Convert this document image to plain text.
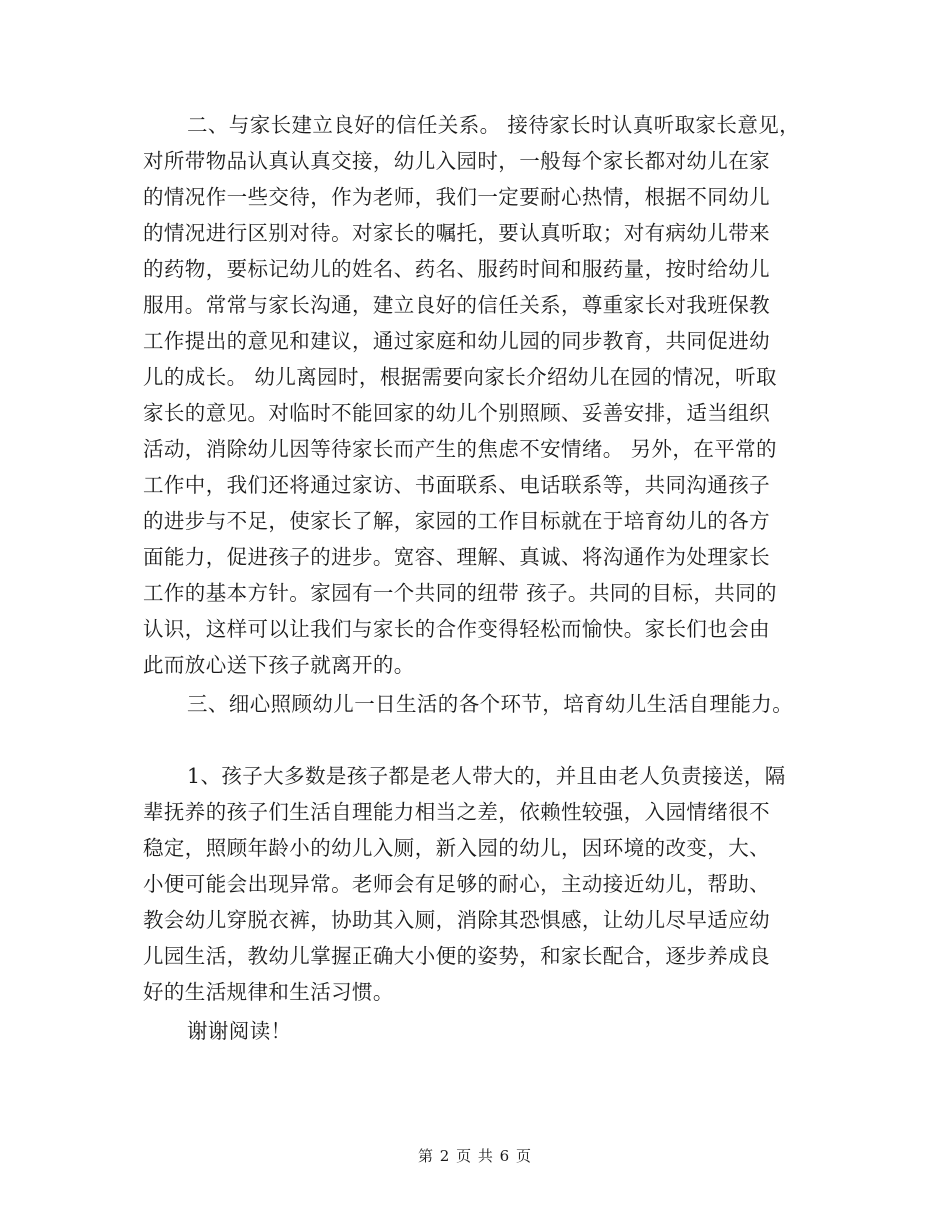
二、与家长建立良好的信任关系。 接待家长时认真听取家长意见，
对所带物品认真认真交接，幼儿入园时，一般每个家长都对幼儿在家
的情况作一些交待，作为老师，我们一定要耐心热情，根据不同幼儿
的情况进行区别对待。对家长的嘱托，要认真听取；对有病幼儿带来
的药物，要标记幼儿的姓名、药名、服药时间和服药量，按时给幼儿
服用。常常与家长沟通，建立良好的信任关系，尊重家长对我班保教
工作提出的意见和建议，通过家庭和幼儿园的同步教育，共同促进幼
儿的成长。 幼儿离园时，根据需要向家长介绍幼儿在园的情况，听取
家长的意见。对临时不能回家的幼儿个别照顾、妥善安排，适当组织
活动，消除幼儿因等待家长而产生的焦虑不安情绪。 另外，在平常的
工作中，我们还将通过家访、书面联系、电话联系等，共同沟通孩子
的进步与不足，使家长了解，家园的工作目标就在于培育幼儿的各方
面能力，促进孩子的进步。宽容、理解、真诚、将沟通作为处理家长
工作的基本方针。家园有一个共同的纽带 孩子。共同的目标，共同的
认识，这样可以让我们与家长的合作变得轻松而愉快。家长们也会由
此而放心送下孩子就离开的。
三、细心照顾幼儿一日生活的各个环节，培育幼儿生活自理能力。
1、孩子大多数是孩子都是老人带大的，并且由老人负责接送，隔
辈抚养的孩子们生活自理能力相当之差，依赖性较强，入园情绪很不
稳定，照顾年龄小的幼儿入厕，新入园的幼儿，因环境的改变，大、
小便可能会出现异常。老师会有足够的耐心，主动接近幼儿，帮助、
教会幼儿穿脱衣裤，协助其入厕，消除其恐惧感，让幼儿尽早适应幼
儿园生活，教幼儿掌握正确大小便的姿势，和家长配合，逐步养成良
好的生活规律和生活习惯。
谢谢阅读！
第 2 页 共 6 页
